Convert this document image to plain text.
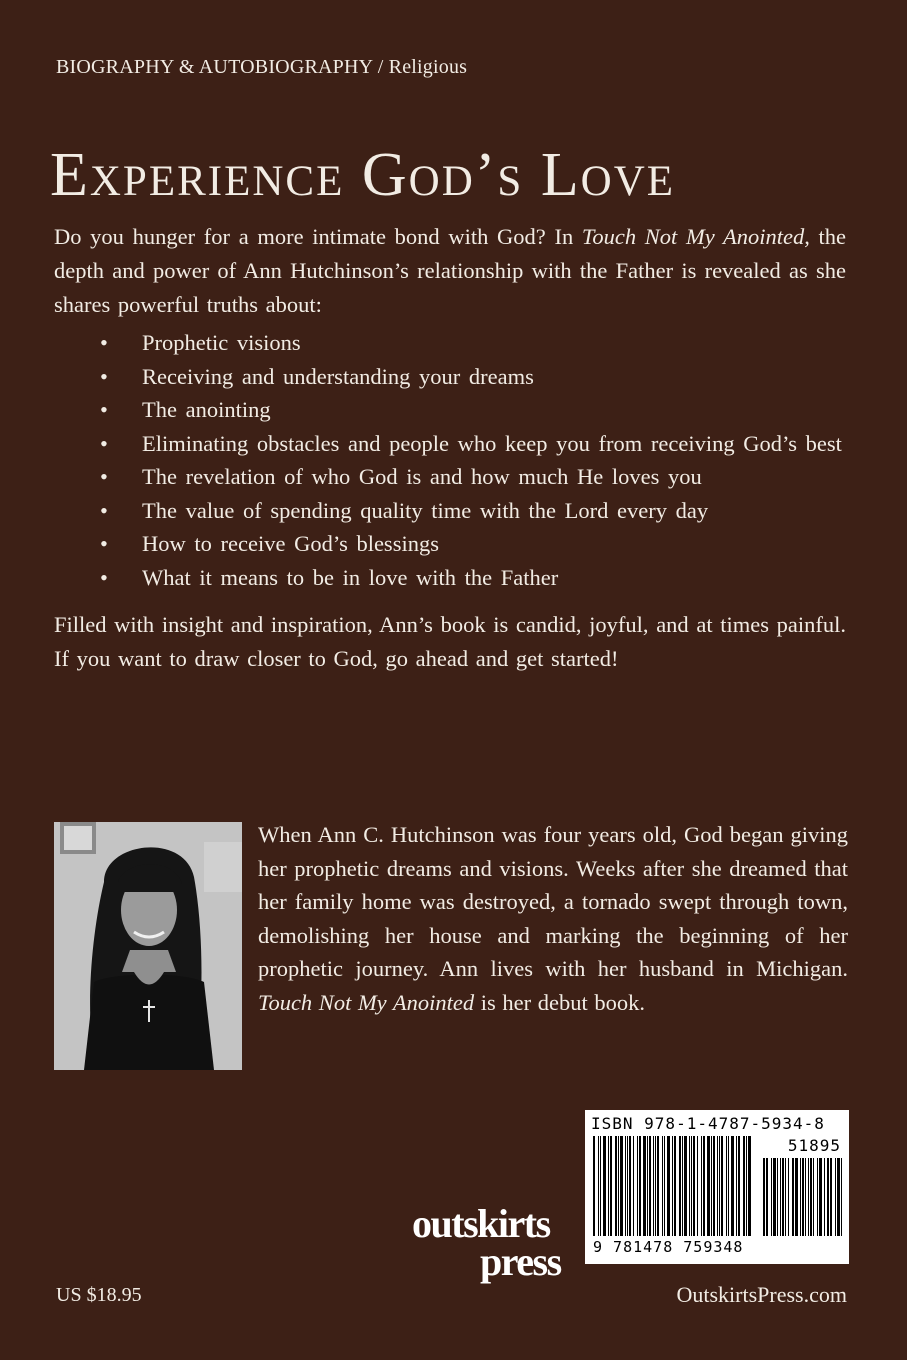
BIOGRAPHY & AUTOBIOGRAPHY / Religious
Experience God’s Love

Do you hunger for a more intimate bond with God? In Touch Not My Anointed, the depth and power of Ann Hutchinson’s relationship with the Father is revealed as she shares powerful truths about:

• Prophetic visions
• Receiving and understanding your dreams
• The anointing
• Eliminating obstacles and people who keep you from receiving God’s best
• The revelation of who God is and how much He loves you
• The value of spending quality time with the Lord every day
• How to receive God’s blessings
• What it means to be in love with the Father

Filled with insight and inspiration, Ann’s book is candid, joyful, and at times painful. If you want to draw closer to God, go ahead and get started!

When Ann C. Hutchinson was four years old, God began giving her prophetic dreams and visions. Weeks after she dreamed that her family home was destroyed, a tornado swept through town, demolishing her house and marking the beginning of her prophetic journey. Ann lives with her husband in Michigan. Touch Not My Anointed is her debut book.
ISBN 978-1-4787-5934-8
51895
9 781478 759348
outskirts
press
US $18.95	OutskirtsPress.com
